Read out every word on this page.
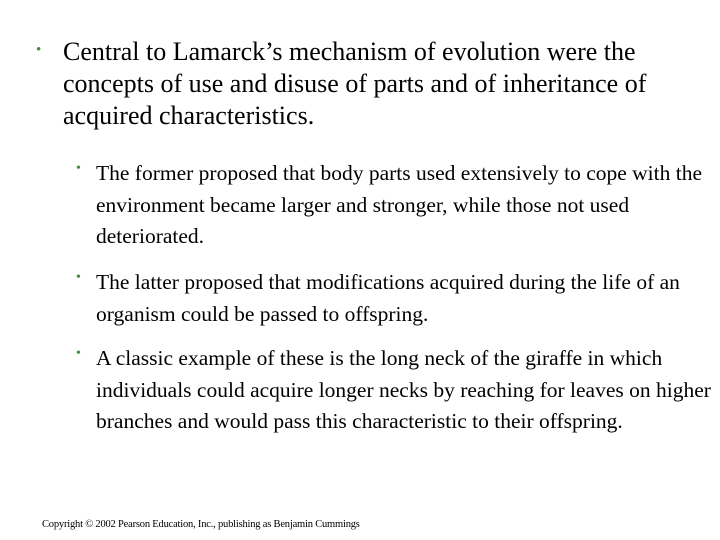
• Central to Lamarck’s mechanism of evolution were the concepts of use and disuse of parts and of inheritance of acquired characteristics.
• The former proposed that body parts used extensively to cope with the environment became larger and stronger, while those not used deteriorated.
• The latter proposed that modifications acquired during the life of an organism could be passed to offspring.
• A classic example of these is the long neck of the giraffe in which individuals could acquire longer necks by reaching for leaves on higher branches and would pass this characteristic to their offspring.
Copyright © 2002 Pearson Education, Inc., publishing as Benjamin Cummings
